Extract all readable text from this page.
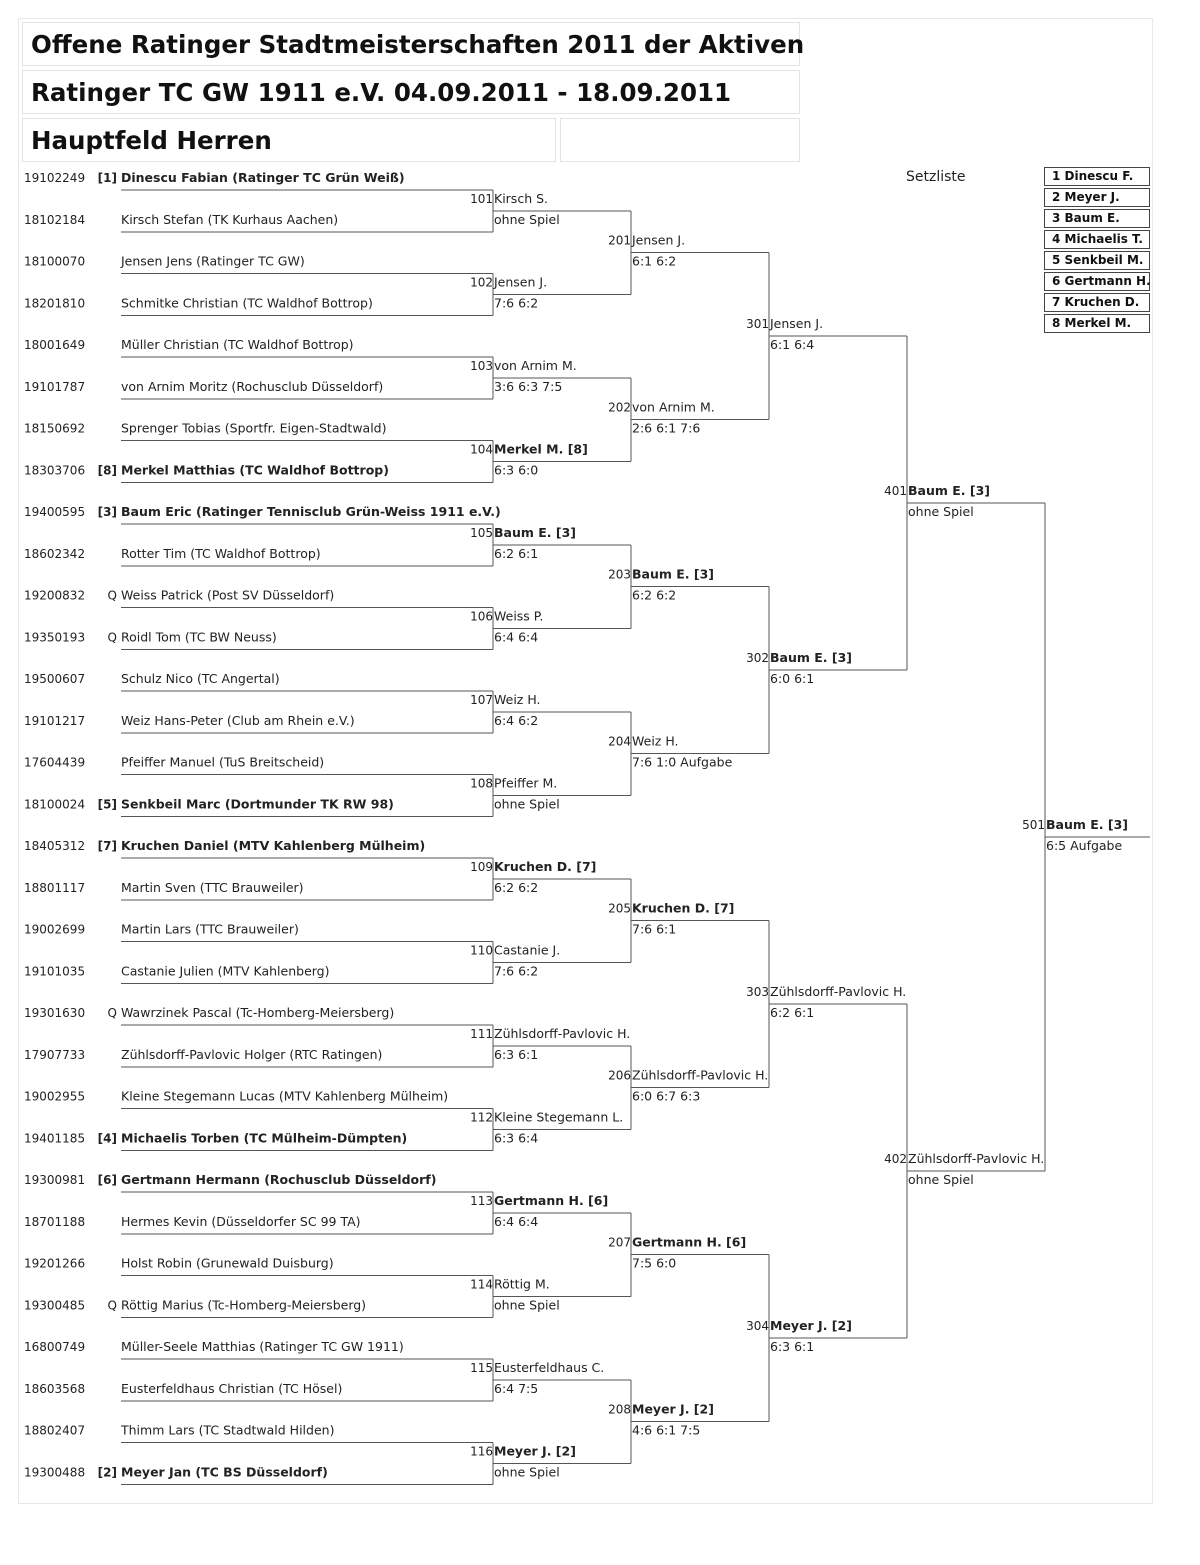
Offene Ratinger Stadtmeisterschaften 2011 der Aktiven
Ratinger TC GW 1911 e.V. 04.09.2011 - 18.09.2011
Hauptfeld Herren
Setzliste	1 Dinescu F.
2 Meyer J.
3 Baum E.
4 Michaelis T.
5 Senkbeil M.
6 Gertmann H.
7 Kruchen D.
8 Merkel M.
19102249 [1] Dinescu Fabian (Ratinger TC Grün Weiß)
18102184	Kirsch Stefan (TK Kurhaus Aachen)
18100070	Jensen Jens (Ratinger TC GW)
18201810	Schmitke Christian (TC Waldhof Bottrop)
18001649	Müller Christian (TC Waldhof Bottrop)
19101787	von Arnim Moritz (Rochusclub Düsseldorf)
18150692	Sprenger Tobias (Sportfr. Eigen-Stadtwald)
18303706 [8] Merkel Matthias (TC Waldhof Bottrop)
19400595 [3] Baum Eric (Ratinger Tennisclub Grün-Weiss 1911 e.V.)
18602342	Rotter Tim (TC Waldhof Bottrop)
19200832 Q Weiss Patrick (Post SV Düsseldorf)
19350193 Q Roidl Tom (TC BW Neuss)
19500607	Schulz Nico (TC Angertal)
19101217	Weiz Hans-Peter (Club am Rhein e.V.)
17604439	Pfeiffer Manuel (TuS Breitscheid)
18100024 [5] Senkbeil Marc (Dortmunder TK RW 98)
18405312 [7] Kruchen Daniel (MTV Kahlenberg Mülheim)
18801117	Martin Sven (TTC Brauweiler)
19002699	Martin Lars (TTC Brauweiler)
19101035	Castanie Julien (MTV Kahlenberg)
19301630 Q Wawrzinek Pascal (Tc-Homberg-Meiersberg)
17907733	Zühlsdorff-Pavlovic Holger (RTC Ratingen)
19002955	Kleine Stegemann Lucas (MTV Kahlenberg Mülheim)
19401185 [4] Michaelis Torben (TC Mülheim-Dümpten)
19300981 [6] Gertmann Hermann (Rochusclub Düsseldorf)
18701188	Hermes Kevin (Düsseldorfer SC 99 TA)
19201266	Holst Robin (Grunewald Duisburg)
19300485 Q Röttig Marius (Tc-Homberg-Meiersberg)
16800749	Müller-Seele Matthias (Ratinger TC GW 1911)
18603568	Eusterfeldhaus Christian (TC Hösel)
18802407	Thimm Lars (TC Stadtwald Hilden)
19300488 [2] Meyer Jan (TC BS Düsseldorf)
101 Kirsch S.
ohne Spiel
102 Jensen J.
7:6 6:2
103 von Arnim M.
3:6 6:3 7:5
104 Merkel M. [8]
6:3 6:0
105 Baum E. [3]
6:2 6:1
106 Weiss P.
6:4 6:4
107 Weiz H.
6:4 6:2
108 Pfeiffer M.
ohne Spiel
109 Kruchen D. [7]
6:2 6:2
110 Castanie J.
7:6 6:2
111 Zühlsdorff-Pavlovic H.
6:3 6:1
112 Kleine Stegemann L.
6:3 6:4
113 Gertmann H. [6]
6:4 6:4
114 Röttig M.
ohne Spiel
115 Eusterfeldhaus C.
6:4 7:5
116 Meyer J. [2]
ohne Spiel
201 Jensen J.
6:1 6:2
202 von Arnim M.
2:6 6:1 7:6
203 Baum E. [3]
6:2 6:2
204 Weiz H.
7:6 1:0 Aufgabe
205 Kruchen D. [7]
7:6 6:1
206 Zühlsdorff-Pavlovic H.
6:0 6:7 6:3
207 Gertmann H. [6]
7:5 6:0
208 Meyer J. [2]
4:6 6:1 7:5
301 Jensen J.
6:1 6:4
302 Baum E. [3]
6:0 6:1
303 Zühlsdorff-Pavlovic H.
6:2 6:1
304 Meyer J. [2]
6:3 6:1
401 Baum E. [3]
ohne Spiel
402 Zühlsdorff-Pavlovic H.
ohne Spiel
501 Baum E. [3]
6:5 Aufgabe
